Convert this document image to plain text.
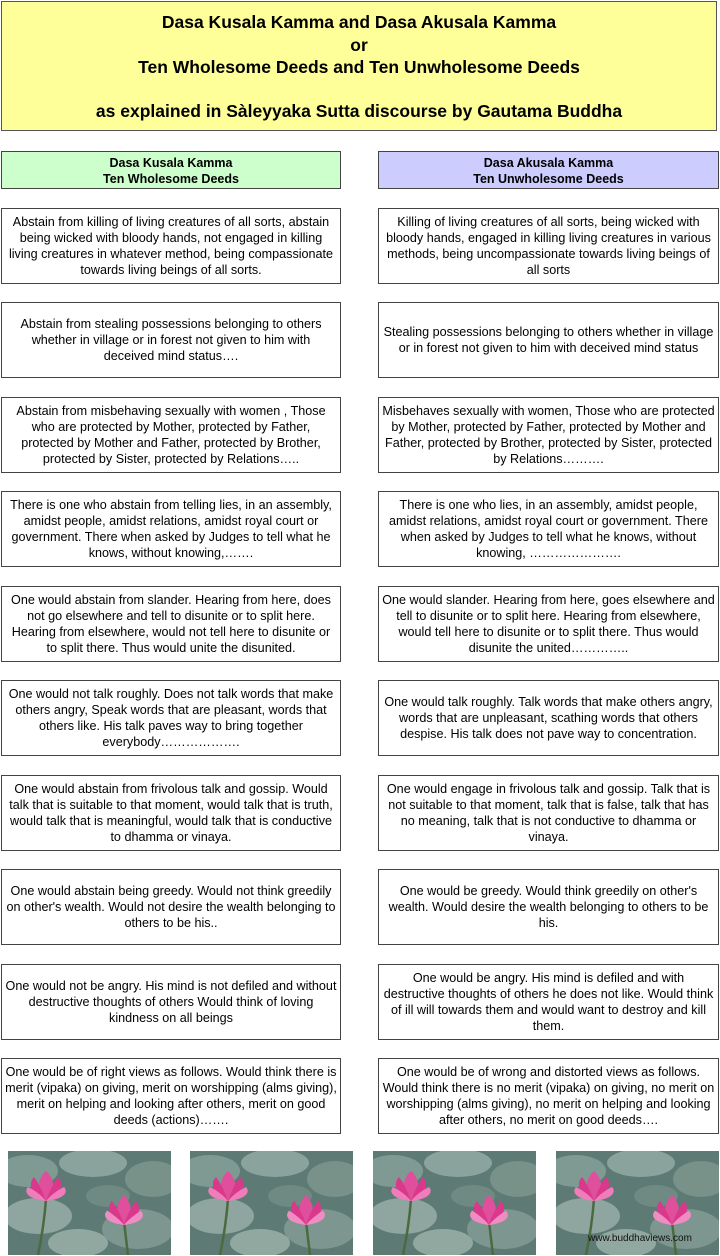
Dasa Kusala Kamma and Dasa Akusala Kamma
or
Ten Wholesome Deeds and Ten Unwholesome Deeds
as explained in Sàleyyaka Sutta discourse by Gautama Buddha
Dasa Kusala Kamma
Ten Wholesome Deeds
Dasa Akusala Kamma
Ten Unwholesome Deeds
Abstain from killing of living creatures of all sorts, abstain being wicked with bloody hands, not engaged in killing living creatures in whatever method, being compassionate towards living beings of all sorts.
Killing of living creatures of all sorts, being wicked with bloody hands, engaged in killing living creatures in various methods, being uncompassionate towards living beings of all sorts
Abstain from stealing possessions belonging to others whether in village or in forest not given to him with deceived mind status….
Stealing possessions belonging to others whether in village or in forest not given to him with deceived mind status
Abstain from misbehaving sexually with women , Those who are protected by Mother, protected by Father, protected by Mother and Father, protected by Brother, protected by Sister, protected by Relations…..
Misbehaves sexually with women, Those who are protected by Mother, protected by Father, protected by Mother and Father, protected by Brother, protected by Sister, protected by Relations……….
There is one who abstain from telling lies, in an assembly, amidst people, amidst relations, amidst royal court or government. There when asked by Judges to tell what he knows, without knowing,…….
There is one who lies, in an assembly, amidst people, amidst relations, amidst royal court or government. There when asked by Judges to tell what he knows, without knowing, ………………….
One would abstain from slander. Hearing from here, does not go elsewhere and tell to disunite or to split here. Hearing from elsewhere, would not tell here to disunite or to split there. Thus would unite the disunited.
One would slander. Hearing from here, goes elsewhere and tell to disunite or to split here. Hearing from elsewhere, would tell here to disunite or to split there. Thus would disunite the united…………..
One would not talk roughly. Does not talk words that make others angry, Speak words that are pleasant, words that others like. His talk paves way to bring together everybody……………….
One would talk roughly. Talk words that make others angry, words that are unpleasant, scathing words that others despise. His talk does not pave way to concentration.
One would abstain from frivolous talk and gossip. Would talk that is suitable to that moment, would talk that is truth, would talk that is meaningful, would talk that is conductive to dhamma or vinaya.
One would engage in frivolous talk and gossip. Talk that is not suitable to that moment, talk that is false, talk that has no meaning, talk that is not conductive to dhamma or vinaya.
One would abstain being greedy. Would not think greedily on other's wealth. Would not desire the wealth belonging to others to be his..
One would be greedy. Would think greedily on other's wealth. Would desire the wealth belonging to others to be his.
One would not be angry. His mind is not defiled and without destructive thoughts of others Would think of loving kindness on all beings
One would be angry. His mind is defiled and with destructive thoughts of others he does not like. Would think of ill will towards them and would want to destroy and kill them.
One would be of right views as follows. Would think there is merit (vipaka) on giving, merit on worshipping (alms giving), merit on helping and looking after others, merit on good deeds (actions)…….
One would be of wrong and distorted views as follows. Would think there is no merit (vipaka) on giving, no merit on worshipping (alms giving), no merit on helping and looking after others, no merit on good deeds….
www.buddhaviews.com
